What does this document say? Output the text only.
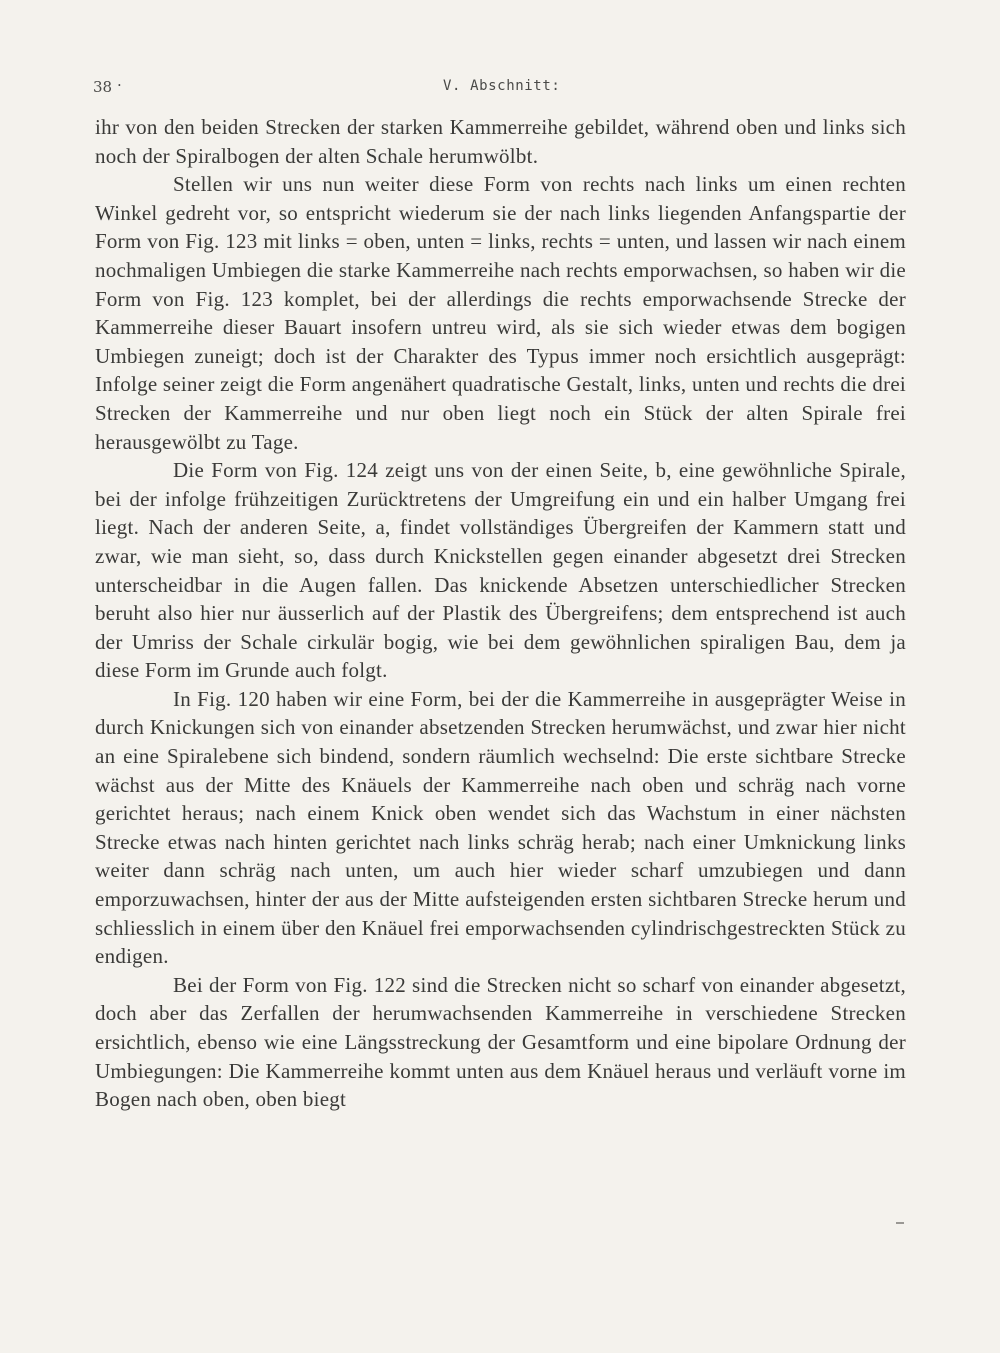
38 ·	V. Abschnitt:

ihr von den beiden Strecken der starken Kammerreihe gebildet, während oben und links sich noch der Spiralbogen der alten Schale herumwölbt.

Stellen wir uns nun weiter diese Form von rechts nach links um einen rechten Winkel gedreht vor, so entspricht wiederum sie der nach links liegenden Anfangspartie der Form von Fig. 123 mit links = oben, unten = links, rechts = unten, und lassen wir nach einem nochmaligen Umbiegen die starke Kammerreihe nach rechts emporwachsen, so haben wir die Form von Fig. 123 komplet, bei der allerdings die rechts emporwachsende Strecke der Kammerreihe dieser Bauart insofern untreu wird, als sie sich wieder etwas dem bogigen Umbiegen zuneigt; doch ist der Charakter des Typus immer noch ersichtlich ausgeprägt: Infolge seiner zeigt die Form angenähert quadratische Gestalt, links, unten und rechts die drei Strecken der Kammerreihe und nur oben liegt noch ein Stück der alten Spirale frei herausgewölbt zu Tage.

Die Form von Fig. 124 zeigt uns von der einen Seite, b, eine gewöhnliche Spirale, bei der infolge frühzeitigen Zurücktretens der Umgreifung ein und ein halber Umgang frei liegt. Nach der anderen Seite, a, findet vollständiges Übergreifen der Kammern statt und zwar, wie man sieht, so, dass durch Knickstellen gegen einander abgesetzt drei Strecken unterscheidbar in die Augen fallen. Das knickende Absetzen unterschiedlicher Strecken beruht also hier nur äusserlich auf der Plastik des Übergreifens; dem entsprechend ist auch der Umriss der Schale cirkulär bogig, wie bei dem gewöhnlichen spiraligen Bau, dem ja diese Form im Grunde auch folgt.

In Fig. 120 haben wir eine Form, bei der die Kammerreihe in ausgeprägter Weise in durch Knickungen sich von einander absetzenden Strecken herumwächst, und zwar hier nicht an eine Spiralebene sich bindend, sondern räumlich wechselnd: Die erste sichtbare Strecke wächst aus der Mitte des Knäuels der Kammerreihe nach oben und schräg nach vorne gerichtet heraus; nach einem Knick oben wendet sich das Wachstum in einer nächsten Strecke etwas nach hinten gerichtet nach links schräg herab; nach einer Umknickung links weiter dann schräg nach unten, um auch hier wieder scharf umzubiegen und dann emporzuwachsen, hinter der aus der Mitte aufsteigenden ersten sichtbaren Strecke herum und schliesslich in einem über den Knäuel frei emporwachsenden cylindrischgestreckten Stück zu endigen.

Bei der Form von Fig. 122 sind die Strecken nicht so scharf von einander abgesetzt, doch aber das Zerfallen der herumwachsenden Kammerreihe in verschiedene Strecken ersichtlich, ebenso wie eine Längsstreckung der Gesamtform und eine bipolare Ordnung der Umbiegungen: Die Kammerreihe kommt unten aus dem Knäuel heraus und verläuft vorne im Bogen nach oben, oben biegt
